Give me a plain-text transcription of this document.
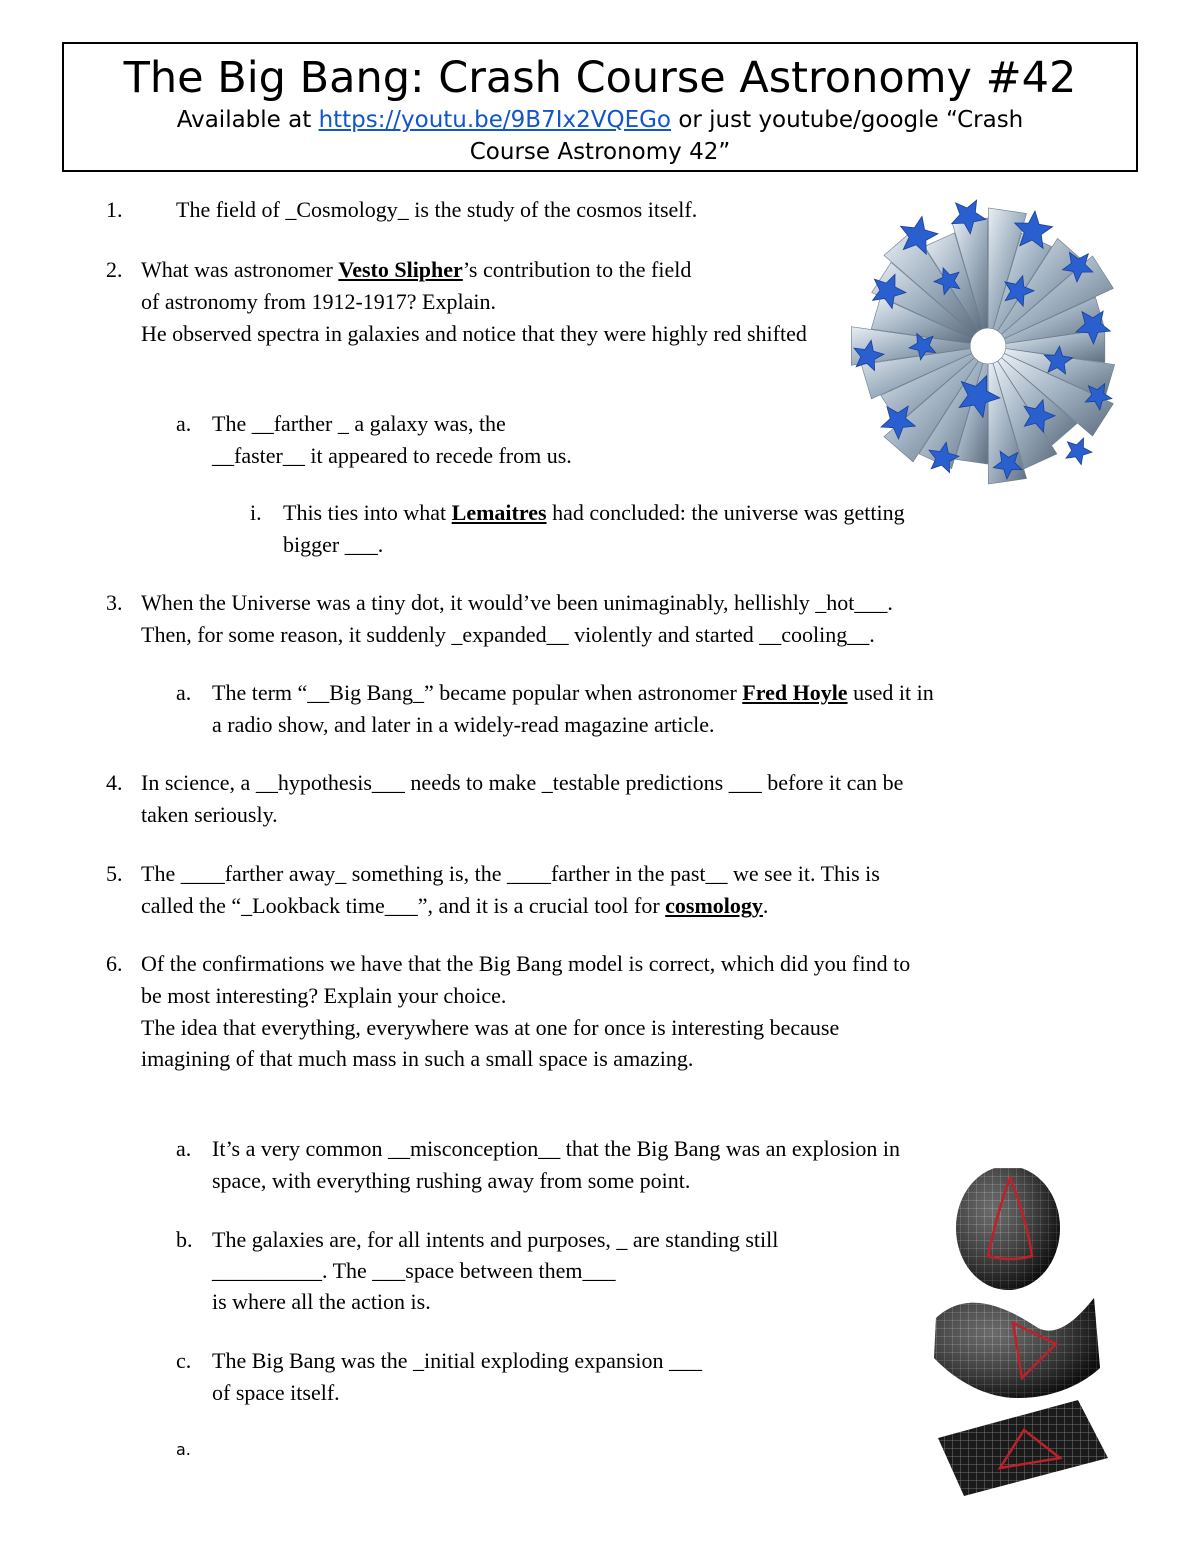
The Big Bang: Crash Course Astronomy #42
Available at https://youtu.be/9B7Ix2VQEGo or just youtube/google “Crash
Course Astronomy 42”
1. The field of _Cosmology_ is the study of the cosmos itself.
2. What was astronomer Vesto Slipher’s contribution to the field
of astronomy from 1912-1917? Explain.
He observed spectra in galaxies and notice that they were highly red shifted
a. The __farther _ a galaxy was, the
__faster__ it appeared to recede from us.
i. This ties into what Lemaitres had concluded: the universe was getting
bigger ___.
3. When the Universe was a tiny dot, it would’ve been unimaginably, hellishly _hot___.
Then, for some reason, it suddenly _expanded__ violently and started __cooling__.
a. The term “__Big Bang_” became popular when astronomer Fred Hoyle used it in
a radio show, and later in a widely-read magazine article.
4. In science, a __hypothesis___ needs to make _testable predictions ___ before it can be
taken seriously.
5. The ____farther away_ something is, the ____farther in the past__ we see it. This is
called the “_Lookback time___”, and it is a crucial tool for cosmology.
6. Of the confirmations we have that the Big Bang model is correct, which did you find to
be most interesting? Explain your choice.
The idea that everything, everywhere was at one for once is interesting because
imagining of that much mass in such a small space is amazing.
a. It’s a very common __misconception__ that the Big Bang was an explosion in
space, with everything rushing away from some point.
b. The galaxies are, for all intents and purposes, _ are standing still
__________. The ___space between them___
is where all the action is.
c. The Big Bang was the _initial exploding expansion ___
of space itself.
a.
